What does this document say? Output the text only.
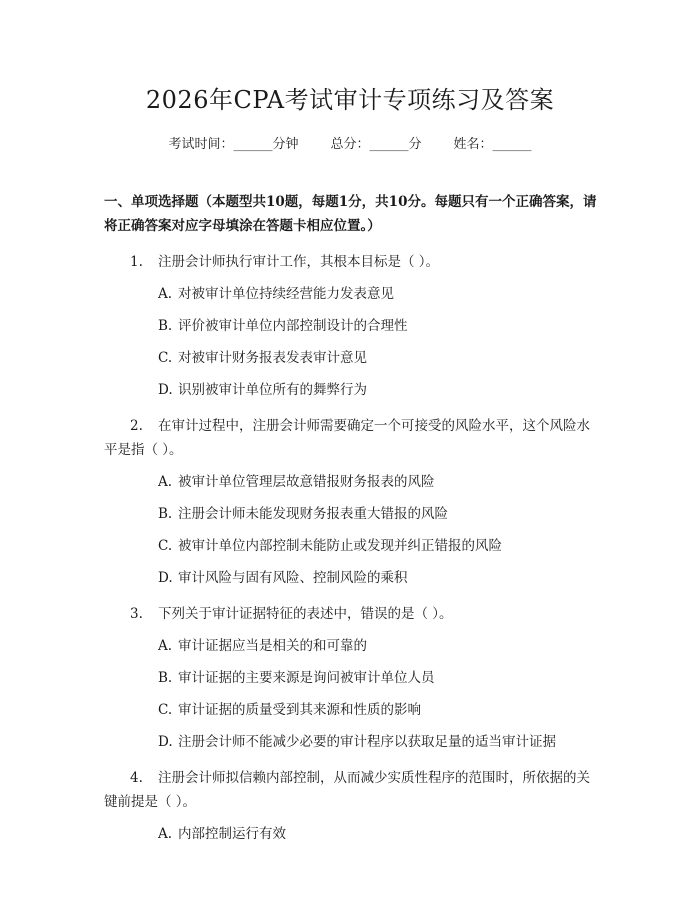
2026年CPA考试审计专项练习及答案
考试时间：______分钟 总分：______分 姓名：______
一、单项选择题（本题型共10题，每题1分，共10分。每题只有一个正确答案，请将正确答案对应字母填涂在答题卡相应位置。）
1. 注册会计师执行审计工作，其根本目标是（ ）。
A. 对被审计单位持续经营能力发表意见
B. 评价被审计单位内部控制设计的合理性
C. 对被审计财务报表发表审计意见
D. 识别被审计单位所有的舞弊行为
2. 在审计过程中，注册会计师需要确定一个可接受的风险水平，这个风险水平是指（ ）。
A. 被审计单位管理层故意错报财务报表的风险
B. 注册会计师未能发现财务报表重大错报的风险
C. 被审计单位内部控制未能防止或发现并纠正错报的风险
D. 审计风险与固有风险、控制风险的乘积
3. 下列关于审计证据特征的表述中，错误的是（ ）。
A. 审计证据应当是相关的和可靠的
B. 审计证据的主要来源是询问被审计单位人员
C. 审计证据的质量受到其来源和性质的影响
D. 注册会计师不能减少必要的审计程序以获取足量的适当审计证据
4. 注册会计师拟信赖内部控制，从而减少实质性程序的范围时，所依据的关键前提是（ ）。
A. 内部控制运行有效
